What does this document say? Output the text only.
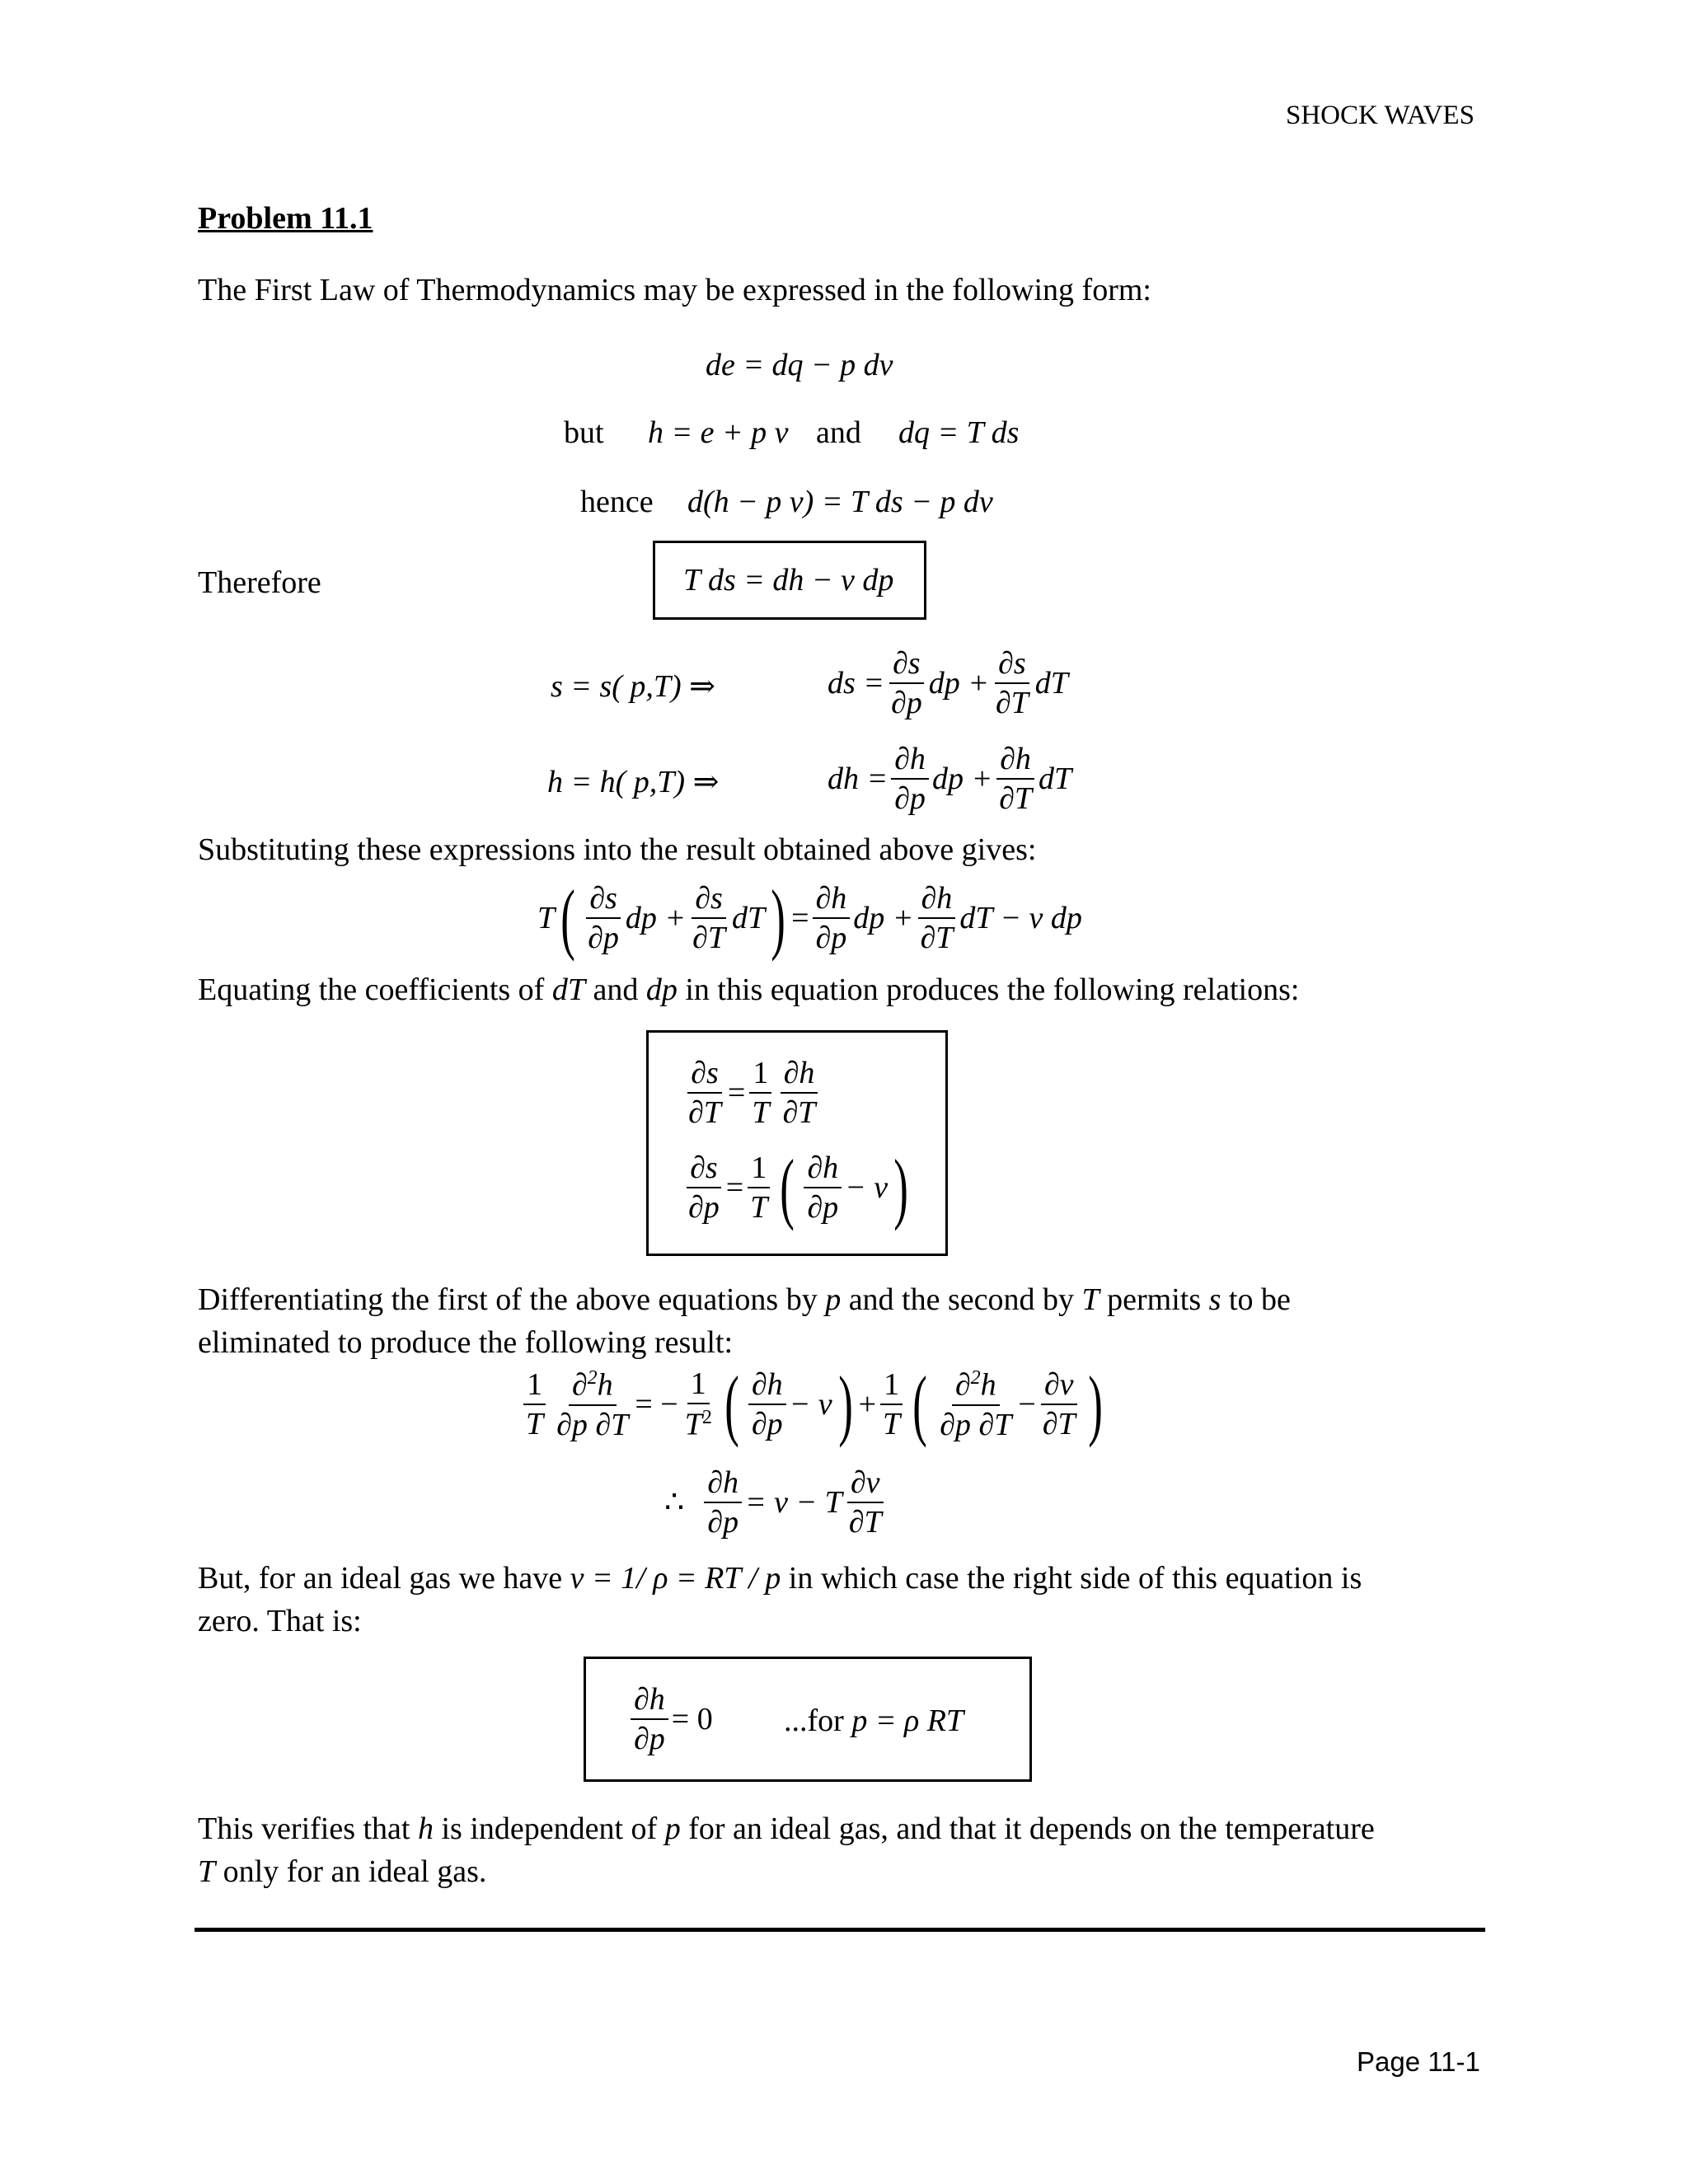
SHOCK WAVES
Problem 11.1
The First Law of Thermodynamics may be expressed in the following form:
de = dq − p dv
but h = e + p v and dq = T ds
hence d(h − p v) = T ds − p dv
Therefore	T ds = dh − v dp
s = s( p,T) ⇒	ds = $\frac{\partial s}{\partial p}$ dp + $\frac{\partial s}{\partial T}$ dT
h = h( p,T) ⇒	dh = $\frac{\partial h}{\partial p}$ dp + $\frac{\partial h}{\partial T}$ dT
Substituting these expressions into the result obtained above gives:
T ( $\frac{\partial s}{\partial p}$ dp + $\frac{\partial s}{\partial T}$ dT ) = $\frac{\partial h}{\partial p}$ dp + $\frac{\partial h}{\partial T}$ dT − v dp
Equating the coefficients of dT and dp in this equation produces the following relations:
$\frac{\partial s}{\partial T} = \frac{1}{T} \frac{\partial h}{\partial T}$
$\frac{\partial s}{\partial p} = \frac{1}{T}$ ( $\frac{\partial h}{\partial p} - v$ )
Differentiating the first of the above equations by p and the second by T permits s to be
eliminated to produce the following result:
$\frac{1}{T} \frac{\partial^2h}{\partial p \partial T}$ = − $\frac{1}{T^2}$ ( $\frac{\partial h}{\partial p} - v$ ) + $\frac{1}{T}$ ( $\frac{\partial^2h}{\partial p \partial T} - \frac{\partial v}{\partial T}$ )
∴ $\frac{\partial h}{\partial p} = v - T \frac{\partial v}{\partial T}$
But, for an ideal gas we have v = 1/ ρ = RT / p in which case the right side of this equation is
zero. That is:
$\frac{\partial h}{\partial p} = 0$ ...for p = ρ RT
This verifies that h is independent of p for an ideal gas, and that it depends on the temperature
T only for an ideal gas.
Page 11-1
